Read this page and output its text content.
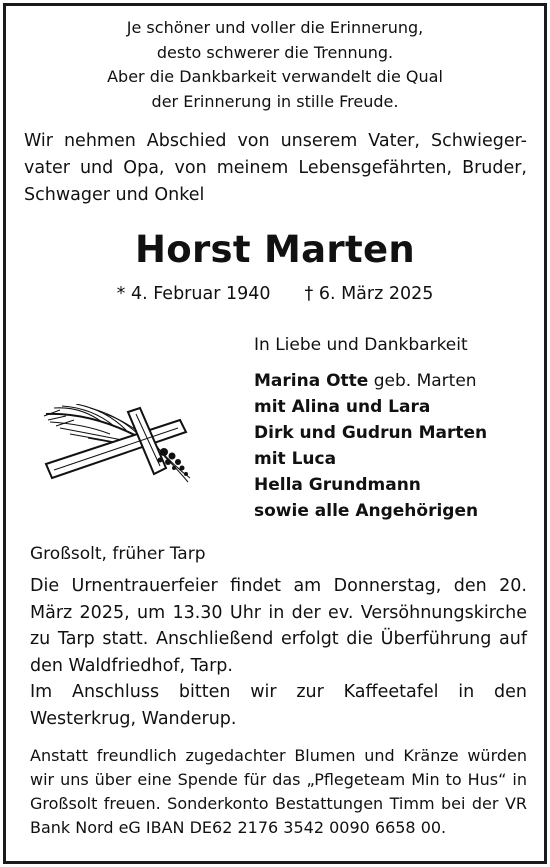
Je schöner und voller die Erinnerung,
desto schwerer die Trennung.
Aber die Dankbarkeit verwandelt die Qual
der Erinnerung in stille Freude.
Wir nehmen Abschied von unserem Vater, Schwieger-vater und Opa, von meinem Lebensgefährten, Bruder, Schwager und Onkel
Horst Marten
* 4. Februar 1940 † 6. März 2025
In Liebe und Dankbarkeit
Marina Otte geb. Marten
mit Alina und Lara
Dirk und Gudrun Marten
mit Luca
Hella Grundmann
sowie alle Angehörigen
Großsolt, früher Tarp

Die Urnentrauerfeier findet am Donnerstag, den 20. März 2025, um 13.30 Uhr in der ev. Versöhnungskirche zu Tarp statt. Anschließend erfolgt die Überführung auf den Waldfriedhof, Tarp.

Im Anschluss bitten wir zur Kaffeetafel in den Westerkrug, Wanderup.

Anstatt freundlich zugedachter Blumen und Kränze würden wir uns über eine Spende für das „Pflegeteam Min to Hus“ in Großsolt freuen. Sonderkonto Bestattungen Timm bei der VR Bank Nord eG IBAN DE62 2176 3542 0090 6658 00.
